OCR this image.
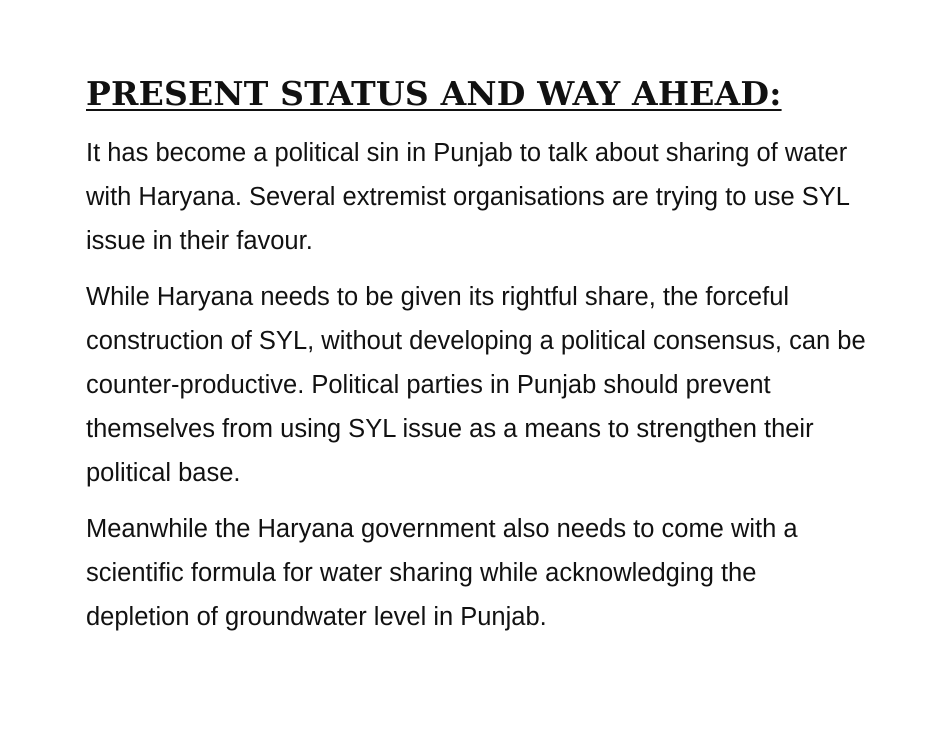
PRESENT STATUS AND WAY AHEAD:

It has become a political sin in Punjab to talk about sharing of water with Haryana. Several extremist organisations are trying to use SYL issue in their favour.

While Haryana needs to be given its rightful share, the forceful construction of SYL, without developing a political consensus, can be counter-productive. Political parties in Punjab should prevent themselves from using SYL issue as a means to strengthen their political base.

Meanwhile the Haryana government also needs to come with a scientific formula for water sharing while acknowledging the depletion of groundwater level in Punjab.
